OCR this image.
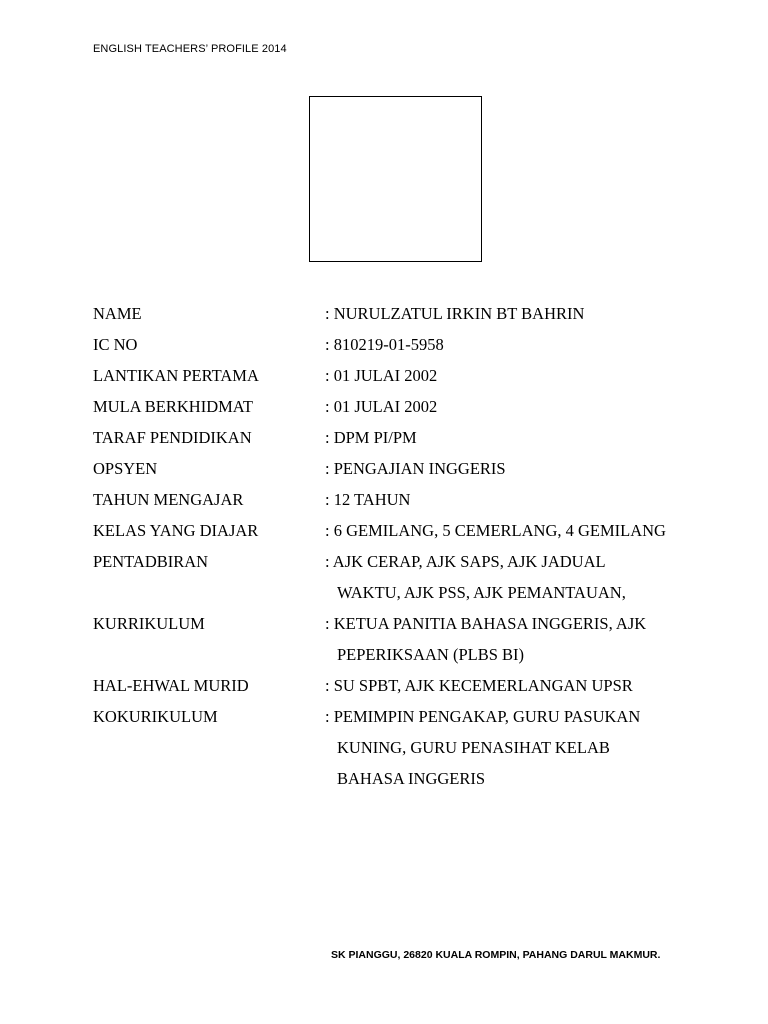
ENGLISH TEACHERS’ PROFILE 2014
NAME	: NURULZATUL IRKIN BT BAHRIN
IC NO	: 810219-01-5958
LANTIKAN PERTAMA	: 01 JULAI 2002
MULA BERKHIDMAT	: 01 JULAI 2002
TARAF PENDIDIKAN	: DPM PI/PM
OPSYEN	: PENGAJIAN INGGERIS
TAHUN MENGAJAR	: 12 TAHUN
KELAS YANG DIAJAR	: 6 GEMILANG, 5 CEMERLANG, 4 GEMILANG
PENTADBIRAN	: AJK CERAP, AJK SAPS, AJK JADUAL
WAKTU, AJK PSS, AJK PEMANTAUAN,
KURRIKULUM	: KETUA PANITIA BAHASA INGGERIS, AJK
PEPERIKSAAN (PLBS BI)
HAL-EHWAL MURID	: SU SPBT, AJK KECEMERLANGAN UPSR
KOKURIKULUM	: PEMIMPIN PENGAKAP, GURU PASUKAN
KUNING, GURU PENASIHAT KELAB
BAHASA INGGERIS
SK PIANGGU, 26820 KUALA ROMPIN, PAHANG DARUL MAKMUR.
